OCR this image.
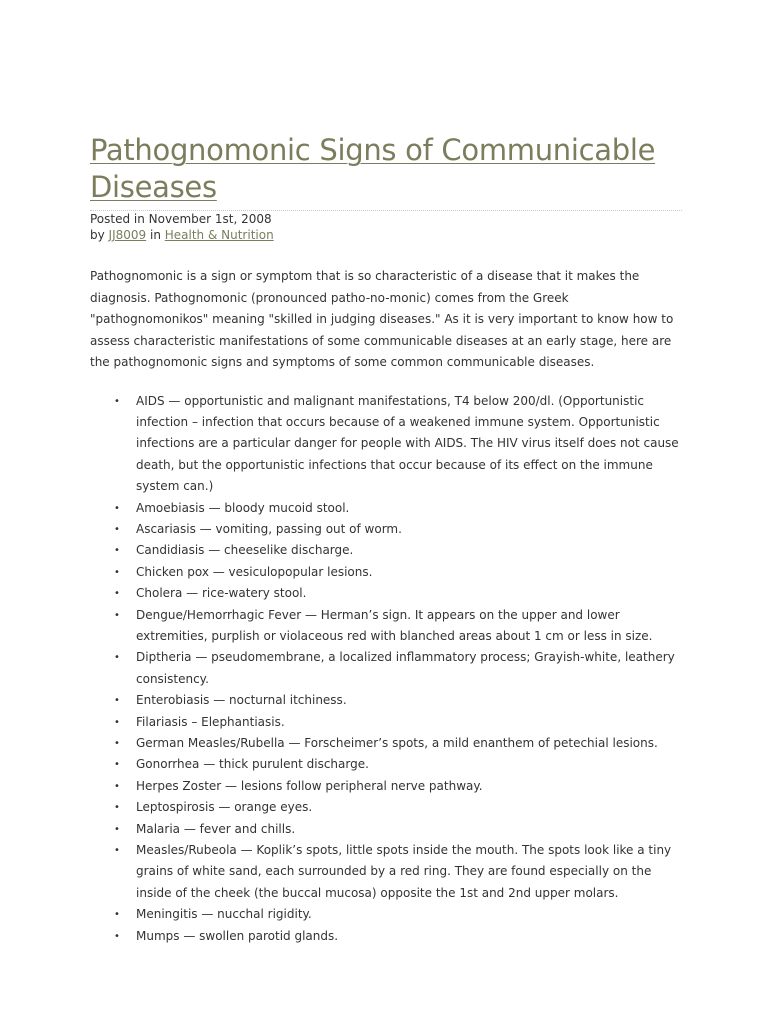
Pathognomonic Signs of Communicable Diseases
Posted in November 1st, 2008
by JJ8009 in Health & Nutrition

Pathognomonic is a sign or symptom that is so characteristic of a disease that it makes the diagnosis. Pathognomonic (pronounced patho-no-monic) comes from the Greek "pathognomonikos" meaning "skilled in judging diseases." As it is very important to know how to assess characteristic manifestations of some communicable diseases at an early stage, here are the pathognomonic signs and symptoms of some common communicable diseases.

• AIDS — opportunistic and malignant manifestations, T4 below 200/dl. (Opportunistic infection – infection that occurs because of a weakened immune system. Opportunistic infections are a particular danger for people with AIDS. The HIV virus itself does not cause death, but the opportunistic infections that occur because of its effect on the immune system can.)
• Amoebiasis — bloody mucoid stool.
• Ascariasis — vomiting, passing out of worm.
• Candidiasis — cheeselike discharge.
• Chicken pox — vesiculopopular lesions.
• Cholera — rice-watery stool.
• Dengue/Hemorrhagic Fever — Herman’s sign. It appears on the upper and lower extremities, purplish or violaceous red with blanched areas about 1 cm or less in size.
• Diptheria — pseudomembrane, a localized inflammatory process; Grayish-white, leathery consistency.
• Enterobiasis — nocturnal itchiness.
• Filariasis – Elephantiasis.
• German Measles/Rubella — Forscheimer’s spots, a mild enanthem of petechial lesions.
• Gonorrhea — thick purulent discharge.
• Herpes Zoster — lesions follow peripheral nerve pathway.
• Leptospirosis — orange eyes.
• Malaria — fever and chills.
• Measles/Rubeola — Koplik’s spots, little spots inside the mouth. The spots look like a tiny grains of white sand, each surrounded by a red ring. They are found especially on the inside of the cheek (the buccal mucosa) opposite the 1st and 2nd upper molars.
• Meningitis — nucchal rigidity.
• Mumps — swollen parotid glands.
